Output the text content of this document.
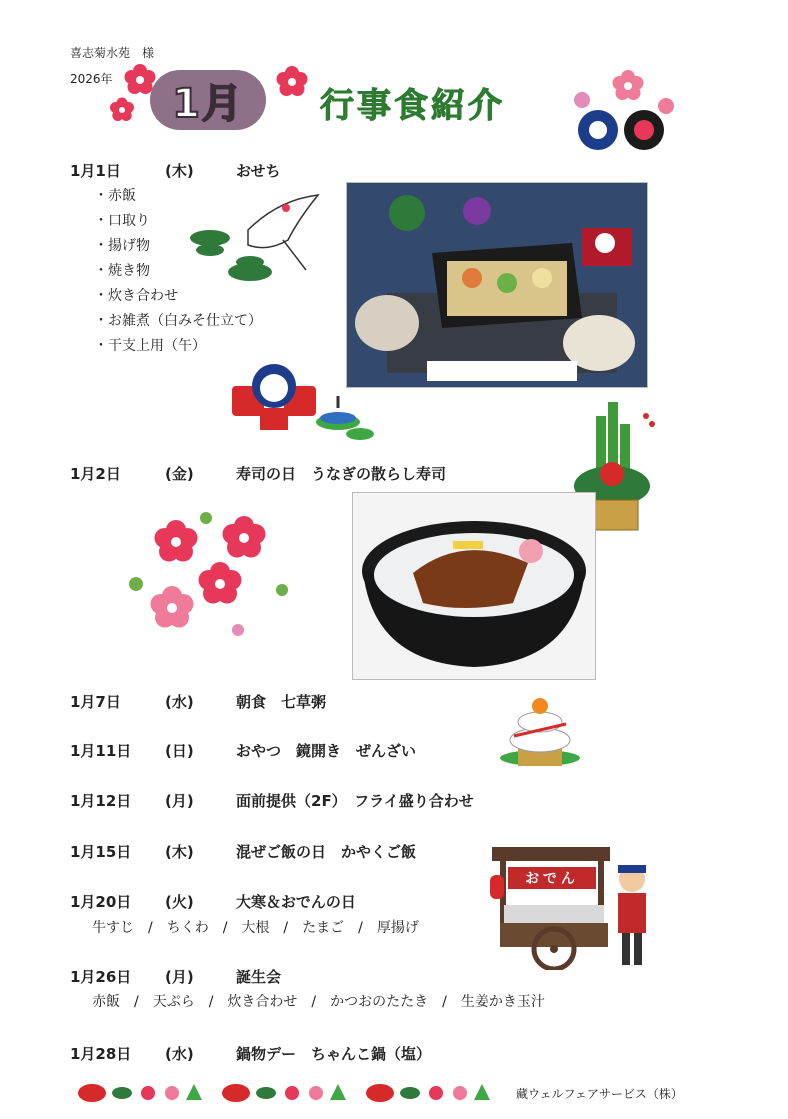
喜志菊水苑　様
2026年
1月 行事食紹介
1月1日	(木)	おせち
・赤飯
・口取り
・揚げ物
・焼き物
・炊き合わせ
・お雑煮（白みそ仕立て）
・干支上用（午）
1月2日	(金)	寿司の日　うなぎの散らし寿司
1月7日	(水)	朝食　七草粥
1月11日 (日)	おやつ　鏡開き　ぜんざい
1月12日 (月)	面前提供（2F）　フライ盛り合わせ
1月15日 (木)	混ぜご飯の日　かやくご飯
おでん
1月20日 (火)	大寒＆おでんの日
牛すじ　/　ちくわ　/　大根　/　たまご　/　厚揚げ
1月26日 (月)	誕生会
赤飯　/　天ぷら　/　炊き合わせ　/　かつおのたたき　/　生姜かき玉汁
1月28日 (水)	鍋物デー　ちゃんこ鍋（塩）
藏ウェルフェアサービス（株）
